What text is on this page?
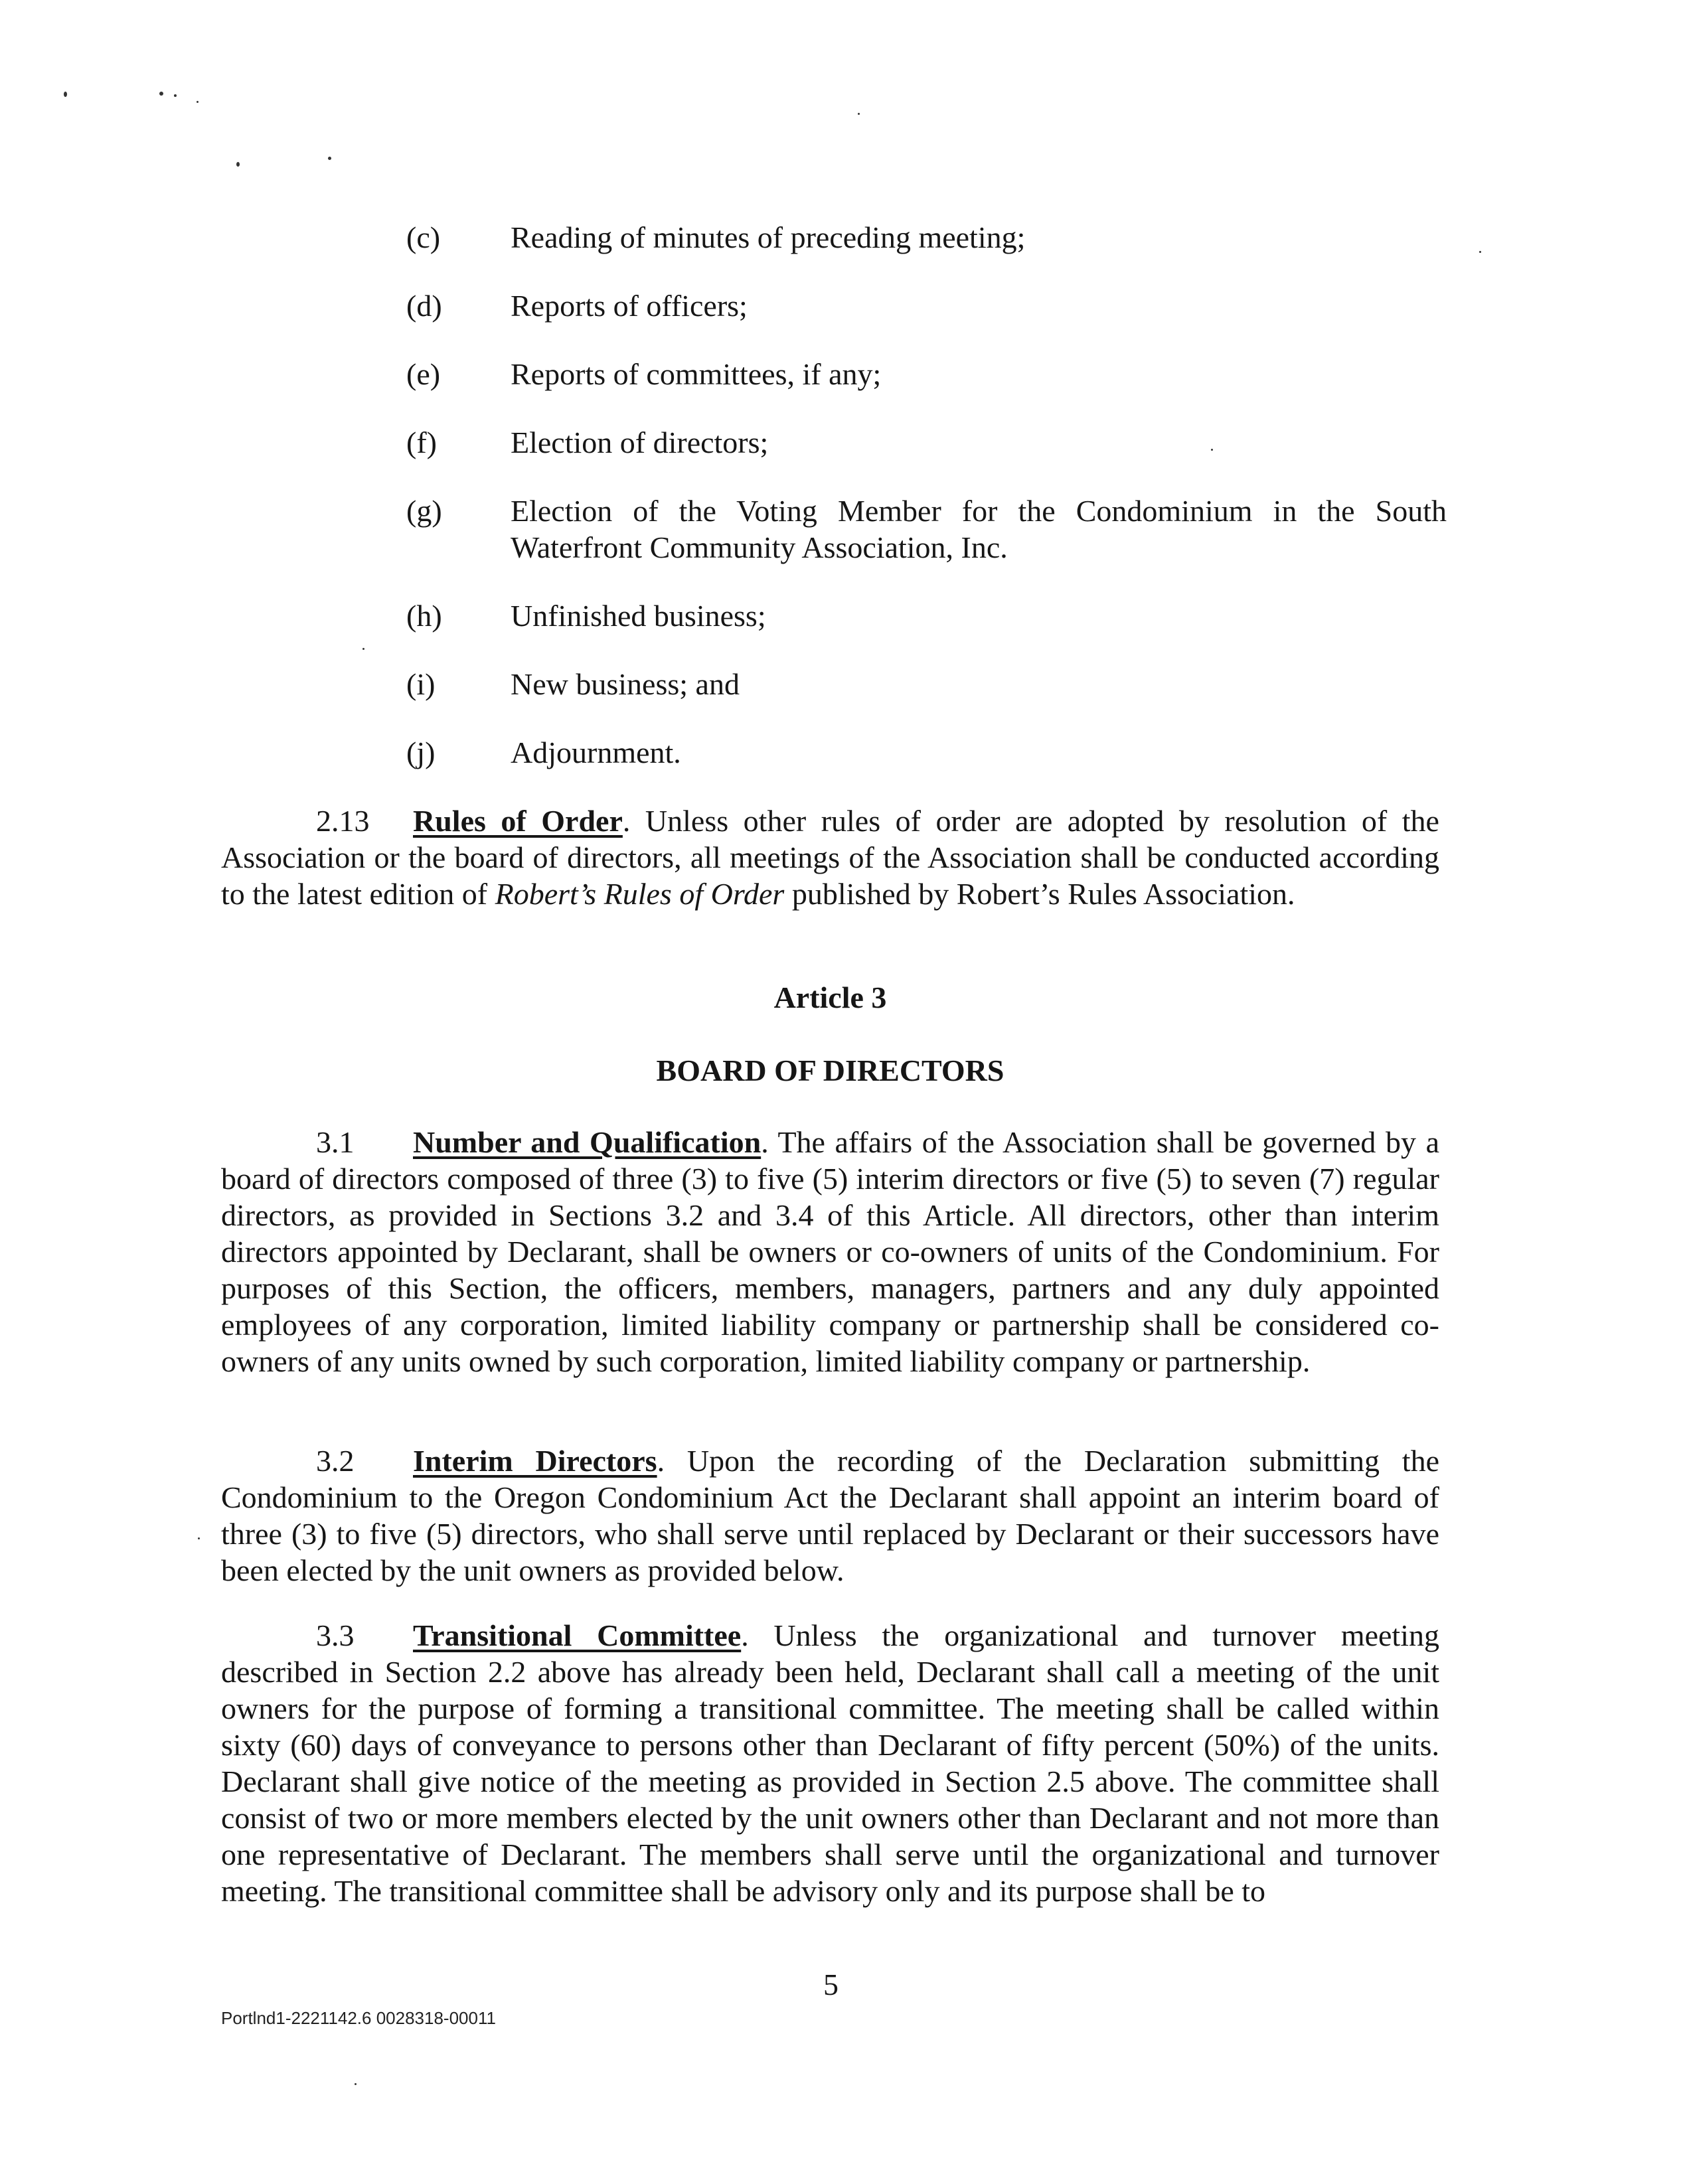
(c) Reading of minutes of preceding meeting;
(d) Reports of officers;
(e) Reports of committees, if any;
(f) Election of directors;
(g) Election of the Voting Member for the Condominium in the South Waterfront Community Association, Inc.
(h) Unfinished business;
(i) New business; and
(j) Adjournment.
2.13 Rules of Order. Unless other rules of order are adopted by resolution of the Association or the board of directors, all meetings of the Association shall be conducted according to the latest edition of Robert’s Rules of Order published by Robert’s Rules Association.
Article 3
BOARD OF DIRECTORS
3.1 Number and Qualification. The affairs of the Association shall be governed by a board of directors composed of three (3) to five (5) interim directors or five (5) to seven (7) regular directors, as provided in Sections 3.2 and 3.4 of this Article. All directors, other than interim directors appointed by Declarant, shall be owners or co-owners of units of the Condominium. For purposes of this Section, the officers, members, managers, partners and any duly appointed employees of any corporation, limited liability company or partnership shall be considered co-owners of any units owned by such corporation, limited liability company or partnership.
3.2 Interim Directors. Upon the recording of the Declaration submitting the Condominium to the Oregon Condominium Act the Declarant shall appoint an interim board of three (3) to five (5) directors, who shall serve until replaced by Declarant or their successors have been elected by the unit owners as provided below.
3.3 Transitional Committee. Unless the organizational and turnover meeting described in Section 2.2 above has already been held, Declarant shall call a meeting of the unit owners for the purpose of forming a transitional committee. The meeting shall be called within sixty (60) days of conveyance to persons other than Declarant of fifty percent (50%) of the units. Declarant shall give notice of the meeting as provided in Section 2.5 above. The committee shall consist of two or more members elected by the unit owners other than Declarant and not more than one representative of Declarant. The members shall serve until the organizational and turnover meeting. The transitional committee shall be advisory only and its purpose shall be to
5
Portlnd1-2221142.6 0028318-00011
